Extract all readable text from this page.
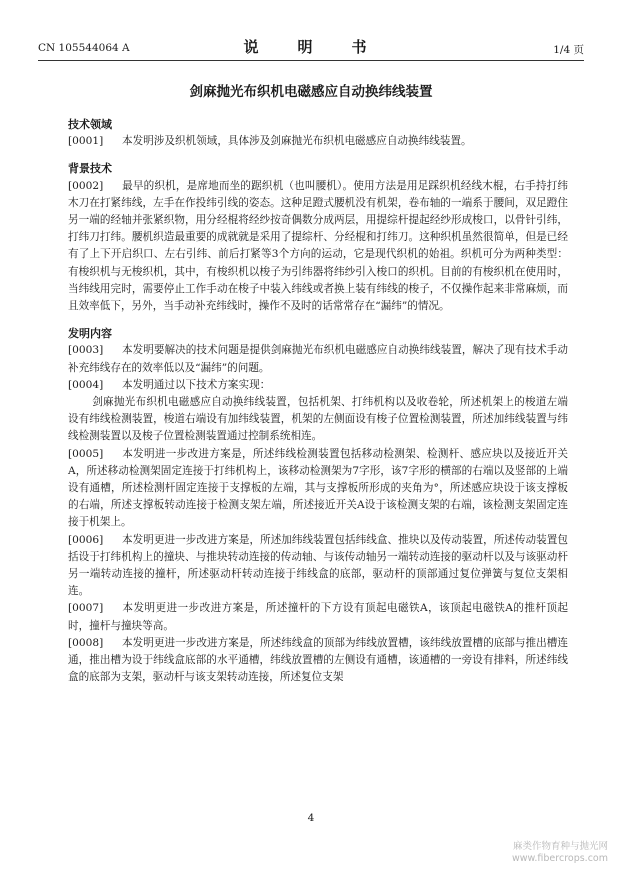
CN 105544064 A	说　明　书	1/4 页
剑麻抛光布织机电磁感应自动换纬线装置
技术领域
[0001] 本发明涉及织机领域，具体涉及剑麻抛光布织机电磁感应自动换纬线装置。
背景技术
[0002] 最早的织机，是席地而坐的踞织机（也叫腰机）。使用方法是用足踩织机经线木棍，右手持打纬木刀在打紧纬线，左手在作投纬引线的姿态。这种足蹬式腰机没有机架，卷布轴的一端系于腰间，双足蹬住另一端的经轴并张紧织物，用分经棍将经纱按奇偶数分成两层，用提综杆提起经纱形成梭口，以骨针引纬，打纬刀打纬。腰机织造最重要的成就就是采用了提综杆、分经棍和打纬刀。这种织机虽然很简单，但是已经有了上下开启织口、左右引纬、前后打紧等3个方向的运动，它是现代织机的始祖。织机可分为两种类型：有梭织机与无梭织机，其中，有梭织机以梭子为引纬器将纬纱引入梭口的织机。目前的有梭织机在使用时，当纬线用完时，需要停止工作手动在梭子中装入纬线或者换上装有纬线的梭子，不仅操作起来非常麻烦，而且效率低下，另外，当手动补充纬线时，操作不及时的话常常存在“漏纬”的情况。
发明内容
[0003] 本发明要解决的技术问题是提供剑麻抛光布织机电磁感应自动换纬线装置，解决了现有技术手动补充纬线存在的效率低以及“漏纬”的问题。
[0004] 本发明通过以下技术方案实现：
剑麻抛光布织机电磁感应自动换纬线装置，包括机架、打纬机构以及收卷轮，所述机架上的梭道左端设有纬线检测装置，梭道右端设有加纬线装置，机架的左侧面设有梭子位置检测装置，所述加纬线装置与纬线检测装置以及梭子位置检测装置通过控制系统相连。
[0005] 本发明进一步改进方案是，所述纬线检测装置包括移动检测架、检测杆、感应块以及接近开关A，所述移动检测架固定连接于打纬机构上，该移动检测架为7字形，该7字形的横部的右端以及竖部的上端设有通槽，所述检测杆固定连接于支撑板的左端，其与支撑板所形成的夹角为°，所述感应块设于该支撑板的右端，所述支撑板转动连接于检测支架左端，所述接近开关A设于该检测支架的右端，该检测支架固定连接于机架上。
[0006] 本发明更进一步改进方案是，所述加纬线装置包括纬线盒、推块以及传动装置，所述传动装置包括设于打纬机构上的撞块、与推块转动连接的传动轴、与该传动轴另一端转动连接的驱动杆以及与该驱动杆另一端转动连接的撞杆，所述驱动杆转动连接于纬线盒的底部，驱动杆的顶部通过复位弹簧与复位支架相连。
[0007] 本发明更进一步改进方案是，所述撞杆的下方设有顶起电磁铁A，该顶起电磁铁A的推杆顶起时，撞杆与撞块等高。
[0008] 本发明更进一步改进方案是，所述纬线盒的顶部为纬线放置槽，该纬线放置槽的底部与推出槽连通，推出槽为设于纬线盒底部的水平通槽，纬线放置槽的左侧设有通槽，该通槽的一旁设有排料，所述纬线盒的底部为支架，驱动杆与该支架转动连接，所述复位支架
4
麻类作物育种与抛光网
www.fibercrops.com
